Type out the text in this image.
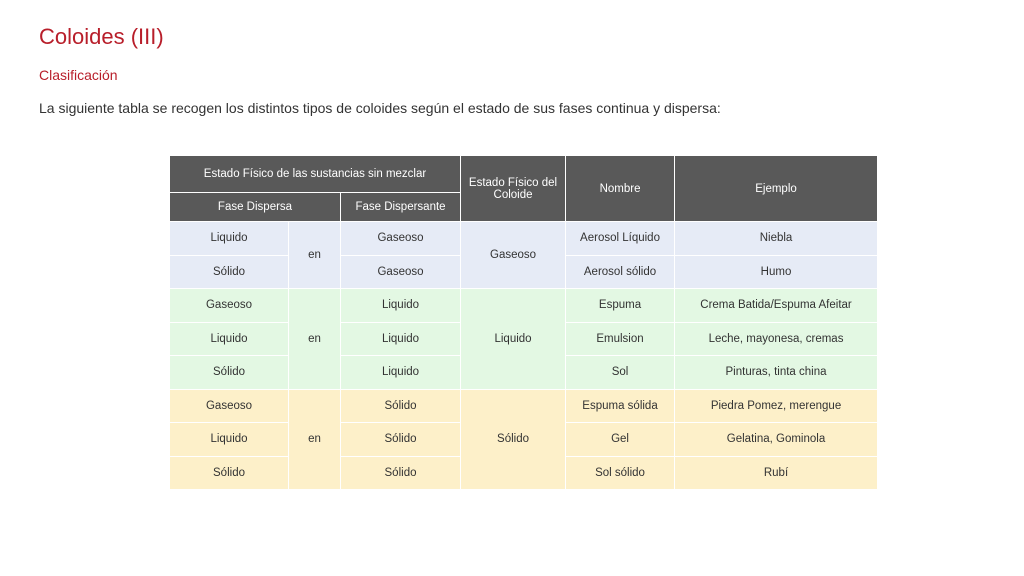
Coloides (III)
Clasificación

La siguiente tabla se recogen los distintos tipos de coloides según el estado de sus fases continua y dispersa:

Estado Físico de las sustancias sin mezclar			Estado Físico del Coloide	Nombre	Ejemplo
Fase Dispersa		Fase Dispersante			
Liquido	en	Gaseoso	Gaseoso	Aerosol Líquido	Niebla
Sólido		Gaseoso		Aerosol sólido	Humo
Gaseoso	en	Liquido	Liquido	Espuma	Crema Batida/Espuma Afeitar
Liquido		Liquido		Emulsion	Leche, mayonesa, cremas
Sólido		Liquido		Sol	Pinturas, tinta china
Gaseoso	en	Sólido	Sólido	Espuma sólida	Piedra Pomez, merengue
Liquido		Sólido		Gel	Gelatina, Gominola
Sólido		Sólido		Sol sólido	Rubí
